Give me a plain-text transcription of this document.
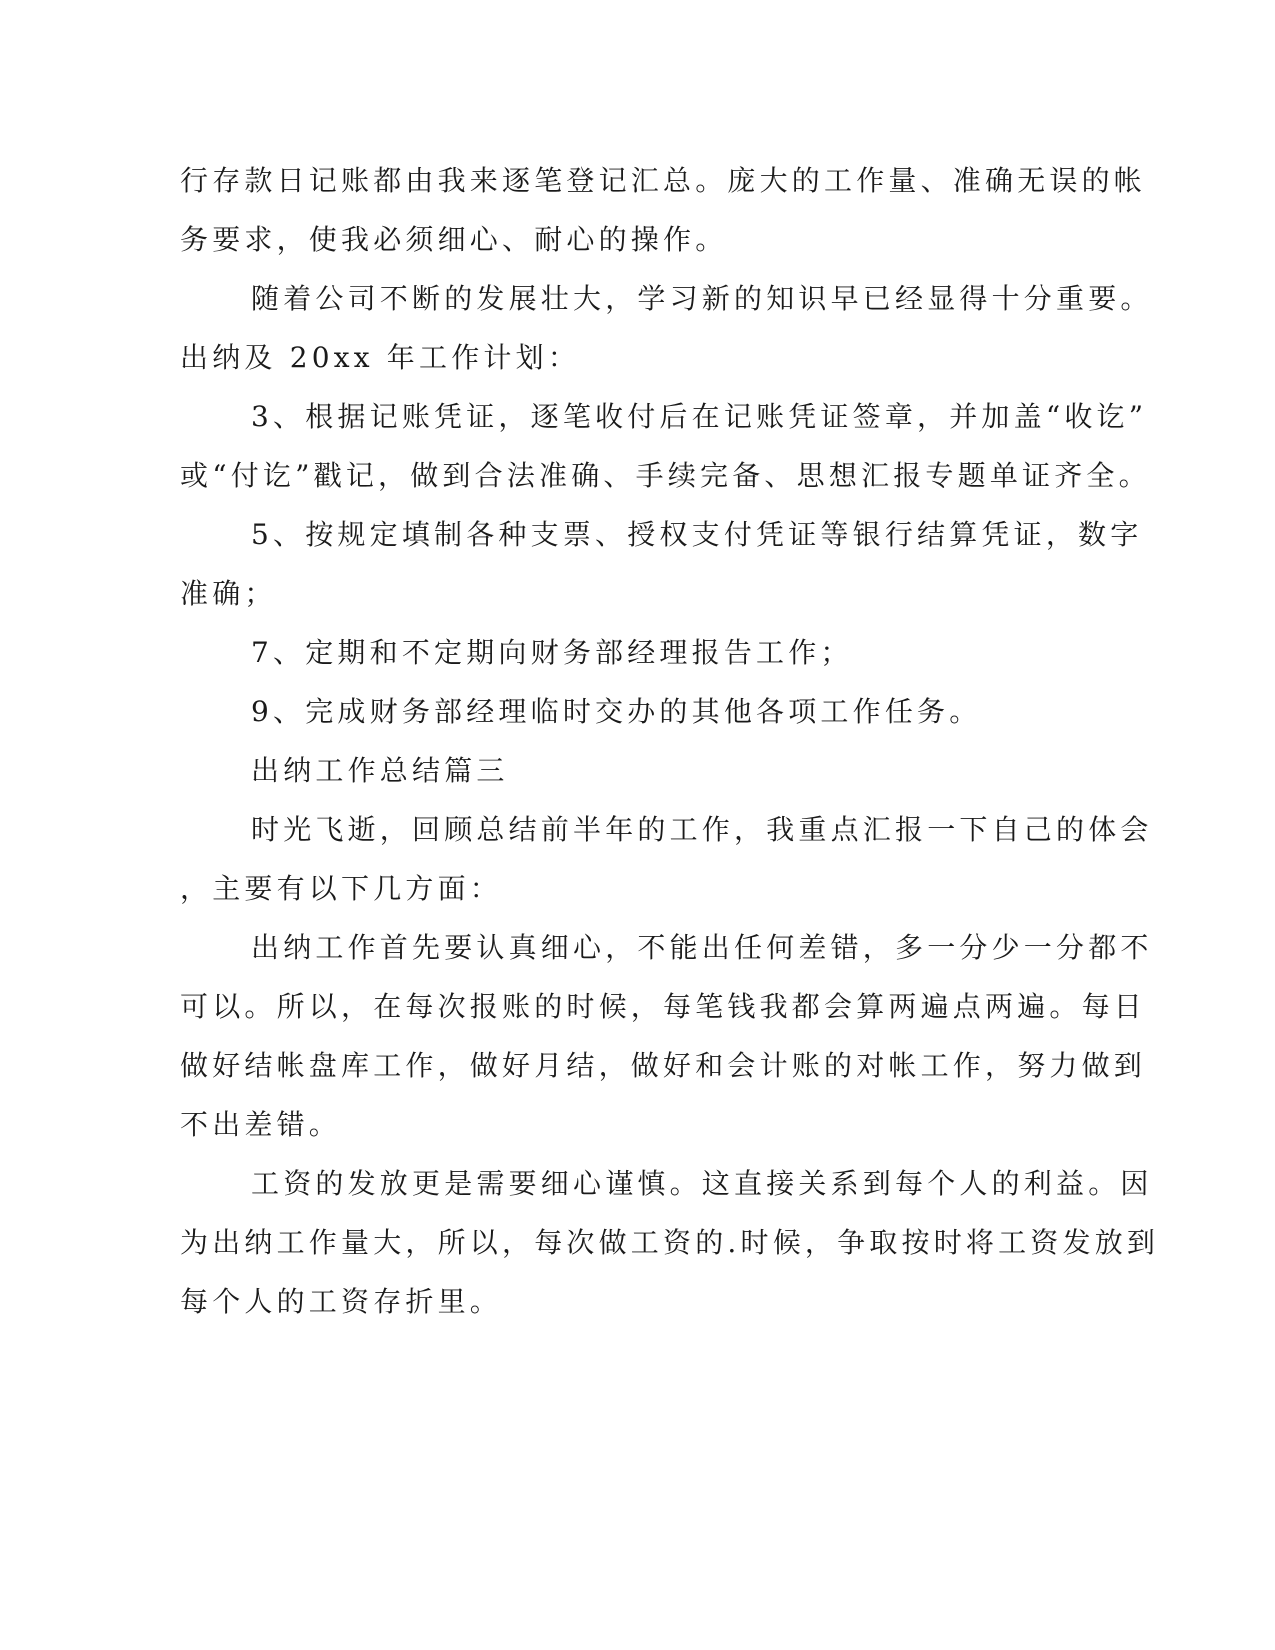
行存款日记账都由我来逐笔登记汇总。庞大的工作量、准确无误的帐
务要求，使我必须细心、耐心的操作。
随着公司不断的发展壮大，学习新的知识早已经显得十分重要。
出纳及 20xx 年工作计划：
3、根据记账凭证，逐笔收付后在记账凭证签章，并加盖“收讫”
或“付讫”戳记，做到合法准确、手续完备、思想汇报专题单证齐全。
5、按规定填制各种支票、授权支付凭证等银行结算凭证，数字
准确；
7、定期和不定期向财务部经理报告工作；
9、完成财务部经理临时交办的其他各项工作任务。
出纳工作总结篇三
时光飞逝，回顾总结前半年的工作，我重点汇报一下自己的体会
，主要有以下几方面：
出纳工作首先要认真细心，不能出任何差错，多一分少一分都不
可以。所以，在每次报账的时候，每笔钱我都会算两遍点两遍。每日
做好结帐盘库工作，做好月结，做好和会计账的对帐工作，努力做到
不出差错。
工资的发放更是需要细心谨慎。这直接关系到每个人的利益。因
为出纳工作量大，所以，每次做工资的.时候，争取按时将工资发放到
每个人的工资存折里。
